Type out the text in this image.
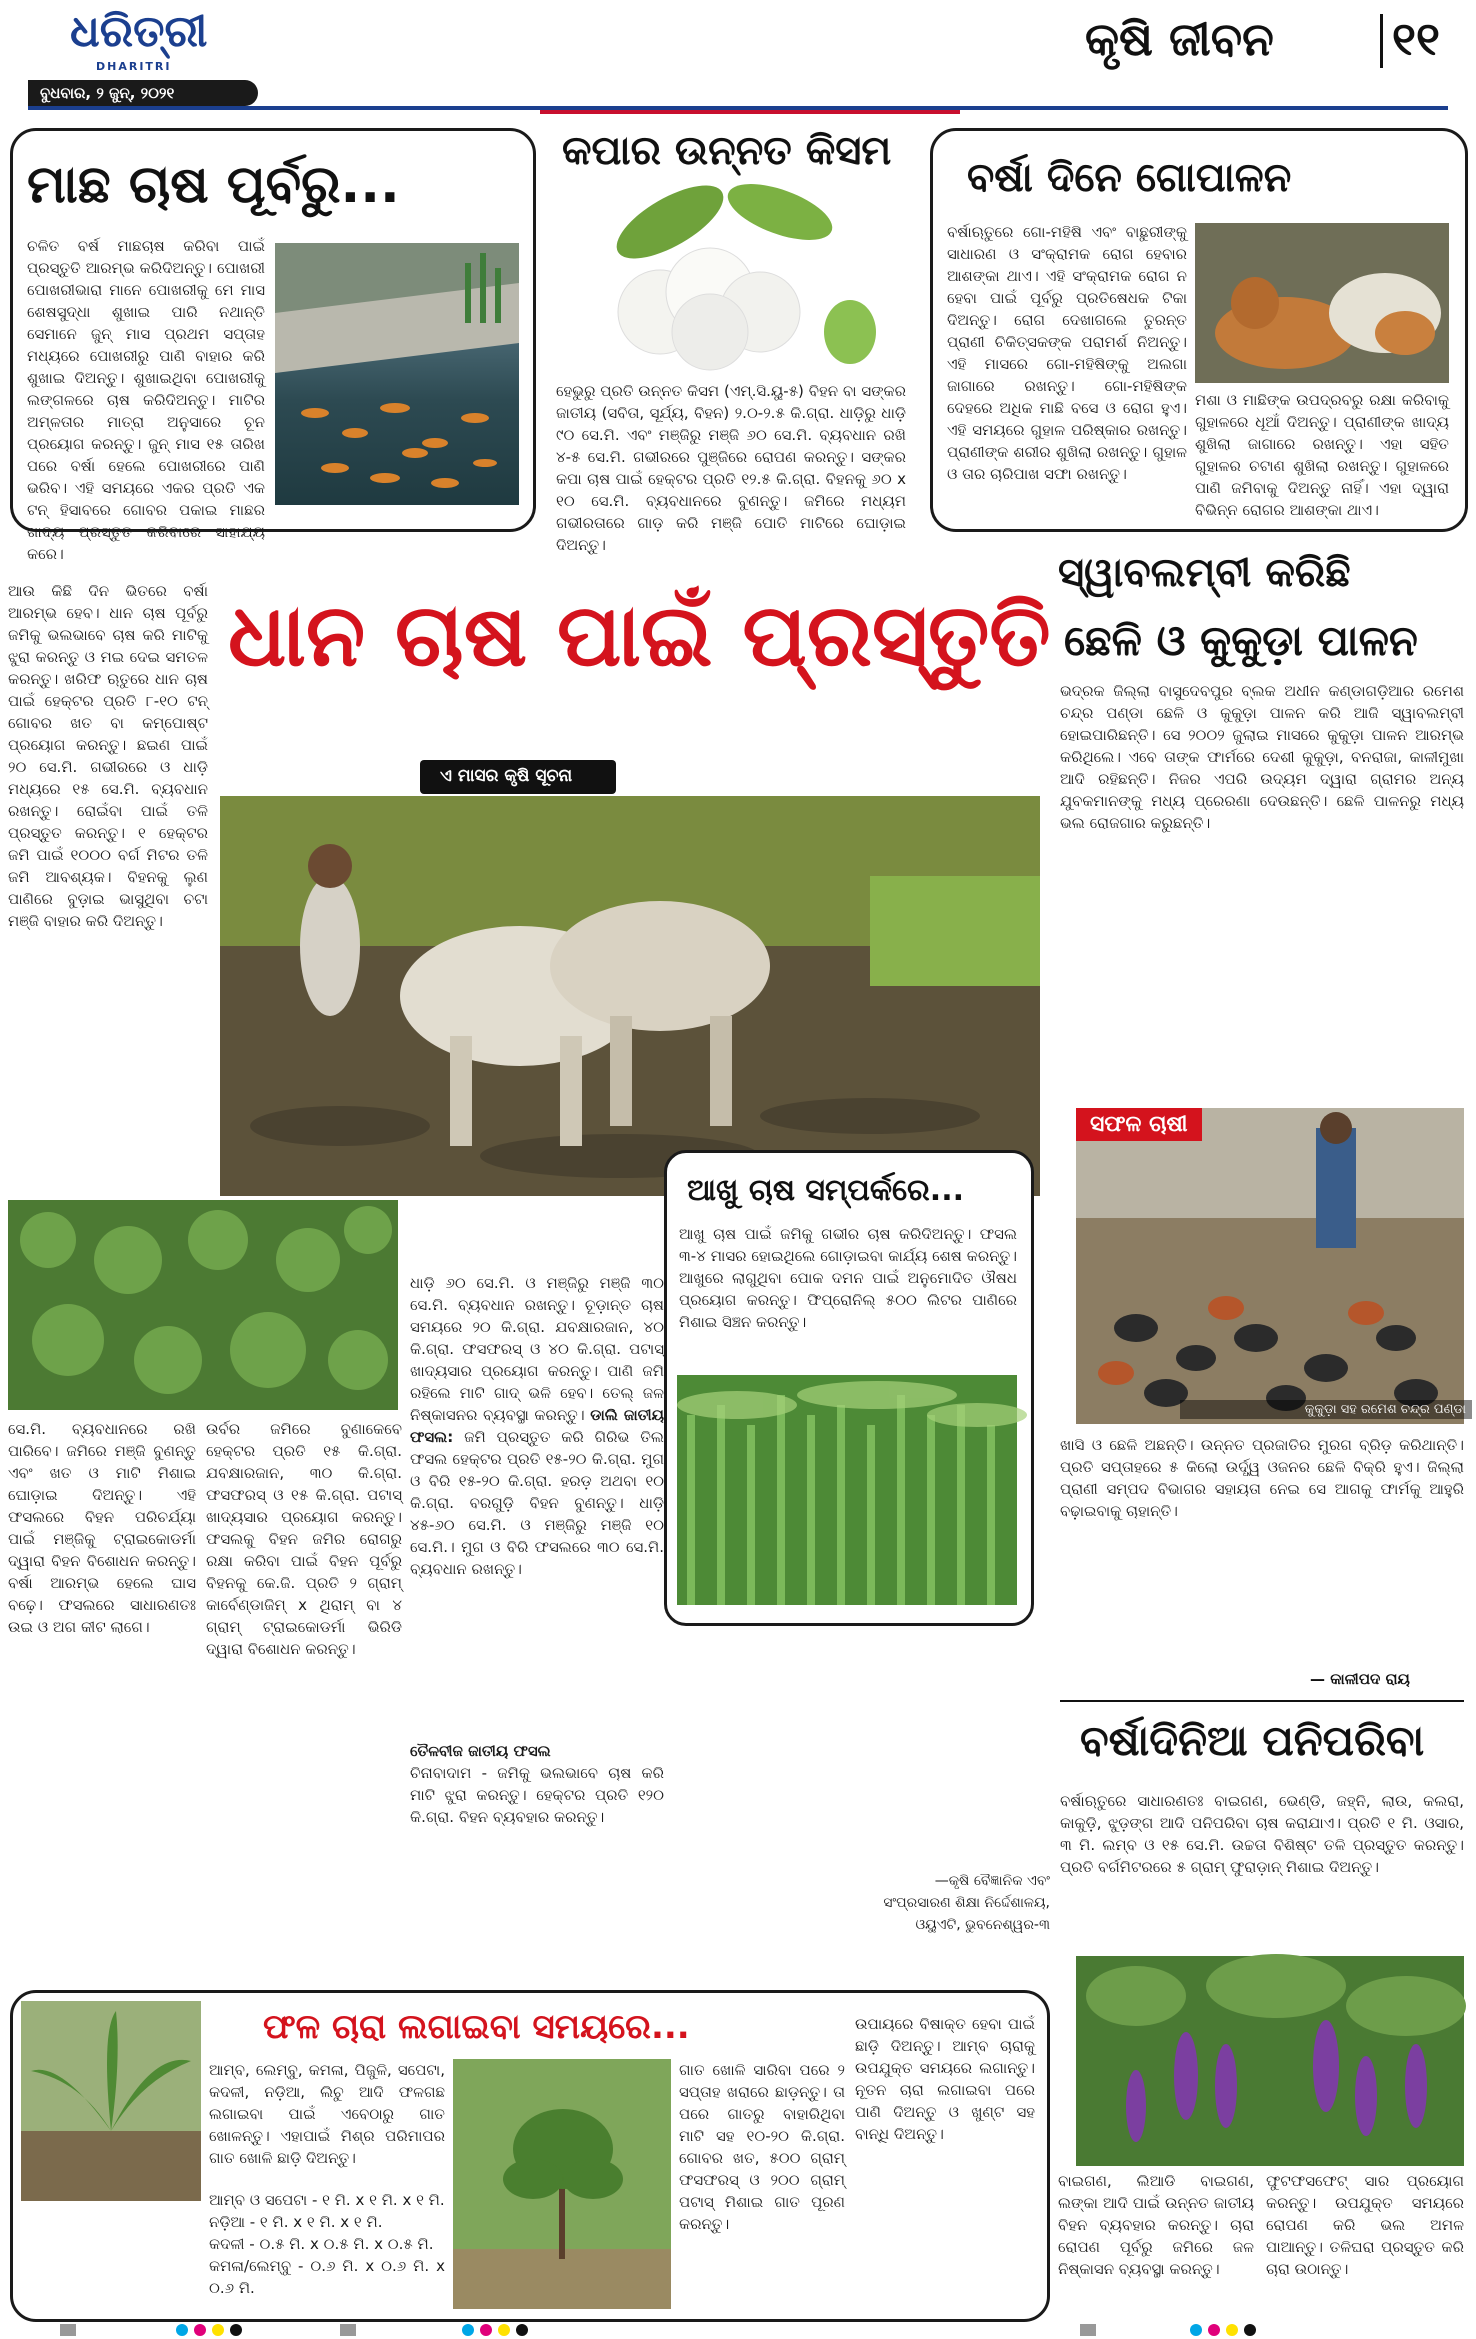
ଧରିତ୍ରୀ
DHARITRI
ବୁଧବାର, ୨ ଜୁନ୍, ୨୦୨୧
କୃଷି ଜୀବନ	୧୧
ମାଛ ଚାଷ ପୂର୍ବରୁ...
ଚଳିତ ବର୍ଷ ମାଛଚାଷ କରିବା ପାଇଁ ପ୍ରସ୍ତୁତି ଆରମ୍ଭ କରିଦିଅନ୍ତୁ। ପୋଖରୀ ପୋଖରୀଭାରା ମାନେ ପୋଖରୀକୁ ମେ ମାସ ଶେଷସୁଦ୍ଧା ଶୁଖାଇ ପାରି ନଥାନ୍ତି ସେମାନେ ଜୁନ୍ ମାସ ପ୍ରଥମ ସପ୍ତାହ ମଧ୍ୟରେ ପୋଖରୀରୁ ପାଣି ବାହାର କରି ଶୁଖାଇ ଦିଅନ୍ତୁ। ଶୁଖାଇଥିବା ପୋଖରୀକୁ ଲଙ୍ଗଳରେ ଚାଷ କରିଦିଅନ୍ତୁ। ମାଟିର ଅମ୍ଳତାର ମାତ୍ରା ଅନୁସାରେ ଚୂନ ପ୍ରୟୋଗ କରନ୍ତୁ। ଜୁନ୍ ମାସ ୧୫ ତାରିଖ ପରେ ବର୍ଷା ହେଲେ ପୋଖରୀରେ ପାଣି ଭରିବ। ଏହି ସମୟରେ ଏକର ପ୍ରତି ଏକ ଟନ୍ ହିସାବରେ ଗୋବର ପକାଇ ମାଛର ଖାଦ୍ୟ ପ୍ରସ୍ତୁତ କରିବାରେ ସାହାଯ୍ୟ କରେ।
କପାର ଉନ୍ନତ କିସମ
ହେଭୁରୁ ପ୍ରତି ଉନ୍ନତ କିସମ (ଏମ୍.ସି.ୟୁ-୫) ବିହନ ବା ସଙ୍କର ଜାତୀୟ (ସବିତା, ସୂର୍ଯ୍ୟ, ବିହନ) ୨.୦-୨.୫ କି.ଗ୍ରା. ଧାଡ଼ିରୁ ଧାଡ଼ି ୯୦ ସେ.ମି. ଏବଂ ମଞ୍ଜିରୁ ମଞ୍ଜି ୬୦ ସେ.ମି. ବ୍ୟବଧାନ ରଖି ୪-୫ ସେ.ମି. ଗଭୀରରେ ପୁଞ୍ଜିରେ ରୋପଣ କରନ୍ତୁ। ସଙ୍କର କପା ଚାଷ ପାଇଁ ହେକ୍ଟର ପ୍ରତି ୧୨.୫ କି.ଗ୍ରା. ବିହନକୁ ୬୦ x ୧୦ ସେ.ମି. ବ୍ୟବଧାନରେ ବୁଣନ୍ତୁ। ଜମିରେ ମଧ୍ୟମ ଗଭୀରତାରେ ଗାଡ଼ କରି ମଞ୍ଜି ପୋତି ମାଟିରେ ଘୋଡ଼ାଇ ଦିଅନ୍ତୁ।
ବର୍ଷା ଦିନେ ଗୋପାଳନ
ବର୍ଷାଋତୁରେ ଗୋ-ମହିଷି ଏବଂ ବାଛୁରୀଙ୍କୁ ସାଧାରଣ ଓ ସଂକ୍ରାମକ ରୋଗ ହେବାର ଆଶଙ୍କା ଥାଏ। ଏହି ସଂକ୍ରାମକ ରୋଗ ନ ହେବା ପାଇଁ ପୂର୍ବରୁ ପ୍ରତିଷେଧକ ଟିକା ଦିଅନ୍ତୁ। ରୋଗ ଦେଖାଗଲେ ତୁରନ୍ତ ପ୍ରାଣୀ ଚିକିତ୍ସକଙ୍କ ପରାମର୍ଶ ନିଅନ୍ତୁ। ଏହି ମାସରେ ଗୋ-ମହିଷିଙ୍କୁ ଅଲଗା ଜାଗାରେ ରଖନ୍ତୁ। ଗୋ-ମହିଷିଙ୍କ ଦେହରେ ଅଧିକ ମାଛି ବସେ ଓ ରୋଗ ହୁଏ। ଏହି ସମୟରେ ଗୁହାଳ ପରିଷ୍କାର ରଖନ୍ତୁ। ପ୍ରାଣୀଙ୍କ ଶରୀର ଶୁଖିଲା ରଖନ୍ତୁ। ଗୁହାଳ ଓ ତାର ଚାରିପାଖ ସଫା ରଖନ୍ତୁ।
ମଶା ଓ ମାଛିଙ୍କ ଉପଦ୍ରବରୁ ରକ୍ଷା କରିବାକୁ ଗୁହାଳରେ ଧୂଆଁ ଦିଅନ୍ତୁ। ପ୍ରାଣୀଙ୍କ ଖାଦ୍ୟ ଶୁଖିଲା ଜାଗାରେ ରଖନ୍ତୁ। ଏହା ସହିତ ଗୁହାଳର ଚଟାଣ ଶୁଖିଲା ରଖନ୍ତୁ। ଗୁହାଳରେ ପାଣି ଜମିବାକୁ ଦିଅନ୍ତୁ ନାହିଁ। ଏହା ଦ୍ୱାରା ବିଭିନ୍ନ ରୋଗର ଆଶଙ୍କା ଥାଏ।
ଆଉ କିଛି ଦିନ ଭିତରେ ବର୍ଷା ଆରମ୍ଭ ହେବ। ଧାନ ଚାଷ ପୂର୍ବରୁ ଜମିକୁ ଭଲଭାବେ ଚାଷ କରି ମାଟିକୁ ଝୁରା କରନ୍ତୁ ଓ ମଇ ଦେଇ ସମତଳ କରନ୍ତୁ। ଖରିଫ ଋତୁରେ ଧାନ ଚାଷ ପାଇଁ ହେକ୍ଟର ପ୍ରତି ୮-୧୦ ଟନ୍ ଗୋବର ଖତ ବା କମ୍ପୋଷ୍ଟ ପ୍ରୟୋଗ କରନ୍ତୁ। ଛଇଣ ପାଇଁ ୨୦ ସେ.ମି. ଗଭୀରରେ ଓ ଧାଡ଼ି ମଧ୍ୟରେ ୧୫ ସେ.ମି. ବ୍ୟବଧାନ ରଖନ୍ତୁ। ରୋଇଁବା ପାଇଁ ତଳି ପ୍ରସ୍ତୁତ କରନ୍ତୁ। ୧ ହେକ୍ଟର ଜମି ପାଇଁ ୧୦୦୦ ବର୍ଗ ମିଟର ତଳି ଜମି ଆବଶ୍ୟକ। ବିହନକୁ ଲୁଣ ପାଣିରେ ବୁଡ଼ାଇ ଭାସୁଥିବା ଚଟା ମଞ୍ଜି ବାହାର କରି ଦିଅନ୍ତୁ।
ଧାନ ଚାଷ ପାଇଁ ପ୍ରସ୍ତୁତି
ଏ ମାସର କୃଷି ସୂଚନା
ଧାଡ଼ି ୬୦ ସେ.ମି. ଓ ମଞ୍ଜିରୁ ମଞ୍ଜି ୩୦ ସେ.ମି. ବ୍ୟବଧାନ ରଖନ୍ତୁ। ଚୂଡ଼ାନ୍ତ ଚାଷ ସମୟରେ ୨୦ କି.ଗ୍ରା. ଯବକ୍ଷାରଜାନ, ୪୦ କି.ଗ୍ରା. ଫସଫରସ୍ ଓ ୪୦ କି.ଗ୍ରା. ପଟାସ୍ ଖାଦ୍ୟସାର ପ୍ରୟୋଗ କରନ୍ତୁ। ପାଣି ଜମି ରହିଲେ ମାଟି ଗାଦ୍ ଭଳି ହେବ। ତେଲ୍ ଜଳ ନିଷ୍କାସନର ବ୍ୟବସ୍ଥା କରନ୍ତୁ। ଡାଲି ଜାତୀୟ ଫସଲ: ଜମି ପ୍ରସ୍ତୁତ କରି ଗିରିଭ ତିଲ ଫସଲ ହେକ୍ଟର ପ୍ରତି ୧୫-୨୦ କି.ଗ୍ରା. ମୁଗ ଓ ବିରି ୧୫-୨୦ କି.ଗ୍ରା. ହରଡ଼ ଅଥବା ୧୦ କି.ଗ୍ରା. ବରଗୁଡ଼ି ବିହନ ବୁଣନ୍ତୁ। ଧାଡ଼ି ୪୫-୬୦ ସେ.ମି. ଓ ମଞ୍ଜିରୁ ମଞ୍ଜି ୧୦ ସେ.ମି.। ମୁଗ ଓ ବିରି ଫସଲରେ ୩୦ ସେ.ମି. ବ୍ୟବଧାନ ରଖନ୍ତୁ।
ସେ.ମି. ବ୍ୟବଧାନରେ ରଖି ପାରିବେ। ଜମିରେ ମଞ୍ଜି ବୁଣନ୍ତୁ ଏବଂ ଖତ ଓ ମାଟି ମିଶାଇ ଘୋଡ଼ାଇ ଦିଅନ୍ତୁ। ଏହି ଫସଲରେ ବିହନ ପରିଚର୍ଯ୍ୟା ପାଇଁ ମଞ୍ଜିକୁ ଟ୍ରାଇକୋଡର୍ମା ଦ୍ୱାରା ବିହନ ବିଶୋଧନ କରନ୍ତୁ। ବର୍ଷା ଆରମ୍ଭ ହେଲେ ଘାସ ବଢ଼େ। ଫସଲରେ ସାଧାରଣତଃ ଉଇ ଓ ଅଗ କୀଟ ଲାଗେ।
ଉର୍ବର ଜମିରେ ବୁଣାକେବେ ହେକ୍ଟର ପ୍ରତି ୧୫ କି.ଗ୍ରା. ଯବକ୍ଷାରଜାନ, ୩୦ କି.ଗ୍ରା. ଫସଫରସ୍ ଓ ୧୫ କି.ଗ୍ରା. ପଟାସ୍ ଖାଦ୍ୟସାର ପ୍ରୟୋଗ କରନ୍ତୁ। ଫସଲକୁ ବିହନ ଜମିର ରୋଗରୁ ରକ୍ଷା କରିବା ପାଇଁ ବିହନ ପୂର୍ବରୁ ବିହନକୁ କେ.ଜି. ପ୍ରତି ୨ ଗ୍ରାମ୍ କାର୍ବେଣ୍ଡାଜିମ୍ x ଥିରାମ୍ ବା ୪ ଗ୍ରାମ୍ ଟ୍ରାଇକୋଡର୍ମା ଭିରିଡି ଦ୍ୱାରା ବିଶୋଧନ କରନ୍ତୁ।
ତୈଳବୀଜ ଜାତୀୟ ଫସଲ
ଚିନାବାଦାମ - ଜମିକୁ ଭଲଭାବେ ଚାଷ କରି ମାଟି ଝୁରା କରନ୍ତୁ। ହେକ୍ଟର ପ୍ରତି ୧୨୦ କି.ଗ୍ରା. ବିହନ ବ୍ୟବହାର କରନ୍ତୁ।
ଆଖୁ ଚାଷ ସମ୍ପର୍କରେ...
ଆଖୁ ଚାଷ ପାଇଁ ଜମିକୁ ଗଭୀର ଚାଷ କରିଦିଅନ୍ତୁ। ଫସଲ ୩-୪ ମାସର ହୋଇଥିଲେ ଗୋଡ଼ାଇବା କାର୍ଯ୍ୟ ଶେଷ କରନ୍ତୁ। ଆଖୁରେ ଲାଗୁଥିବା ପୋକ ଦମନ ପାଇଁ ଅନୁମୋଦିତ ଔଷଧ ପ୍ରୟୋଗ କରନ୍ତୁ। ଫିପ୍ରୋନିଲ୍ ୫୦୦ ଲିଟର ପାଣିରେ ମିଶାଇ ସିଞ୍ଚନ କରନ୍ତୁ।
—କୃଷି ବୈଜ୍ଞାନିକ ଏବଂ ସଂପ୍ରସାରଣ ଶିକ୍ଷା ନିର୍ଦ୍ଦେଶାଳୟ, ଓୟୁଏଟି, ଭୁବନେଶ୍ୱର-୩
ସ୍ୱାବଲମ୍ବୀ କରିଛି
ଛେଳି ଓ କୁକୁଡ଼ା ପାଳନ
ଭଦ୍ରକ ଜିଲ୍ଲା ବାସୁଦେବପୁର ବ୍ଲକ ଅଧୀନ କଣ୍ଡାଗଡ଼ିଆର ରମେଶ ଚନ୍ଦ୍ର ପଣ୍ଡା ଛେଳି ଓ କୁକୁଡ଼ା ପାଳନ କରି ଆଜି ସ୍ୱାବଲମ୍ବୀ ହୋଇପାରିଛନ୍ତି। ସେ ୨୦୦୨ ଜୁଲାଇ ମାସରେ କୁକୁଡ଼ା ପାଳନ ଆରମ୍ଭ କରିଥିଲେ। ଏବେ ତାଙ୍କ ଫାର୍ମରେ ଦେଶୀ କୁକୁଡ଼ା, ବନରାଜା, କାଳୀମୁଖା ଆଦି ରହିଛନ୍ତି। ନିଜର ଏପରି ଉଦ୍ୟମ ଦ୍ୱାରା ଗ୍ରାମର ଅନ୍ୟ ଯୁବକମାନଙ୍କୁ ମଧ୍ୟ ପ୍ରେରଣା ଦେଉଛନ୍ତି। ଛେଳି ପାଳନରୁ ମଧ୍ୟ ଭଲ ରୋଜଗାର କରୁଛନ୍ତି।
ସଫଳ ଚାଷୀ
କୁକୁଡ଼ା ସହ ରମେଶ ଚନ୍ଦ୍ର ପଣ୍ଡା
ଖାସି ଓ ଛେଳି ଅଛନ୍ତି। ଉନ୍ନତ ପ୍ରଜାତିର ମୁରଗ ବ୍ରିଡ଼ କରିଥାନ୍ତି। ପ୍ରତି ସପ୍ତାହରେ ୫ କିଲୋ ଉର୍ଦ୍ଧ୍ୱ ଓଜନର ଛେଳି ବିକ୍ରି ହୁଏ। ଜିଲ୍ଲା ପ୍ରାଣୀ ସମ୍ପଦ ବିଭାଗର ସହାୟତା ନେଇ ସେ ଆଗକୁ ଫାର୍ମକୁ ଆହୁରି ବଢ଼ାଇବାକୁ ଚାହାନ୍ତି।
— କାଳୀପଦ ରାୟ
ବର୍ଷାଦିନିଆ ପନିପରିବା
ବର୍ଷାଋତୁରେ ସାଧାରଣତଃ ବାଇଗଣ, ଭେଣ୍ଡି, ଜହ୍ନି, ଲାଉ, କଲରା, କାକୁଡ଼ି, ଝୁଡ଼ଙ୍ଗ ଆଦି ପନିପରିବା ଚାଷ କରାଯାଏ। ପ୍ରତି ୧ ମି. ଓସାର, ୩ ମି. ଲମ୍ବ ଓ ୧୫ ସେ.ମି. ଉଚ୍ଚତା ବିଶିଷ୍ଟ ତଳି ପ୍ରସ୍ତୁତ କରନ୍ତୁ। ପ୍ରତି ବର୍ଗମିଟରରେ ୫ ଗ୍ରାମ୍ ଫୁରାଡ଼ାନ୍ ମିଶାଇ ଦିଅନ୍ତୁ।
ବାଇଗଣ, ଲିଆଡି ବାଇଗଣ, ଲଙ୍କା ଆଦି ପାଇଁ ଉନ୍ନତ ଜାତୀୟ ବିହନ ବ୍ୟବହାର କରନ୍ତୁ। ଚାରା ରୋପଣ ପୂର୍ବରୁ ଜମିରେ ଜଳ ନିଷ୍କାସନ ବ୍ୟବସ୍ଥା କରନ୍ତୁ।
ଫୁଟଫସଫେଟ୍ ସାର ପ୍ରୟୋଗ କରନ୍ତୁ। ଉପଯୁକ୍ତ ସମୟରେ ରୋପଣ କରି ଭଲ ଅମଳ ପାଆନ୍ତୁ। ତଳିଘରା ପ୍ରସ୍ତୁତ କରି ଚାରା ଉଠାନ୍ତୁ।
ଫଳ ଚାରା ଲଗାଇବା ସମୟରେ...
ଆମ୍ବ, ଲେମ୍ବୁ, କମଳା, ପିଜୁଳି, ସପେଟା, କଦଳୀ, ନଡ଼ିଆ, ଲିଚୁ ଆଦି ଫଳଗଛ ଲଗାଇବା ପାଇଁ ଏବେଠାରୁ ଗାତ ଖୋଳନ୍ତୁ। ଏହାପାଇଁ ମିଶ୍ର ପରିମାପର ଗାତ ଖୋଳି ଛାଡ଼ି ଦିଅନ୍ତୁ।
ଆମ୍ବ ଓ ସପେଟା - ୧ ମି. x ୧ ମି. x ୧ ମି.
ନଡ଼ିଆ - ୧ ମି. x ୧ ମି. x ୧ ମି.
କଦଳୀ - ୦.୫ ମି. x ୦.୫ ମି. x ୦.୫ ମି.
କମଳା/ଲେମ୍ବୁ - ୦.୬ ମି. x ୦.୬ ମି. x ୦.୬ ମି.
ଗାତ ଖୋଳି ସାରିବା ପରେ ୨ ସପ୍ତାହ ଖରାରେ ଛାଡ଼ନ୍ତୁ। ତା ପରେ ଗାତରୁ ବାହାରିଥିବା ମାଟି ସହ ୧୦-୨୦ କି.ଗ୍ରା. ଗୋବର ଖତ, ୫୦୦ ଗ୍ରାମ୍ ଫସଫରସ୍ ଓ ୨୦୦ ଗ୍ରାମ୍ ପଟାସ୍ ମିଶାଇ ଗାତ ପୂରଣ କରନ୍ତୁ।
ଉପାୟରେ ବିଷାକ୍ତ ହେବା ପାଇଁ ଛାଡ଼ି ଦିଅନ୍ତୁ। ଆମ୍ବ ଚାରାକୁ ଉପଯୁକ୍ତ ସମୟରେ ଲଗାନ୍ତୁ। ନୂତନ ଚାରା ଲଗାଇବା ପରେ ପାଣି ଦିଅନ୍ତୁ ଓ ଖୁଣ୍ଟ ସହ ବାନ୍ଧି ଦିଅନ୍ତୁ।
